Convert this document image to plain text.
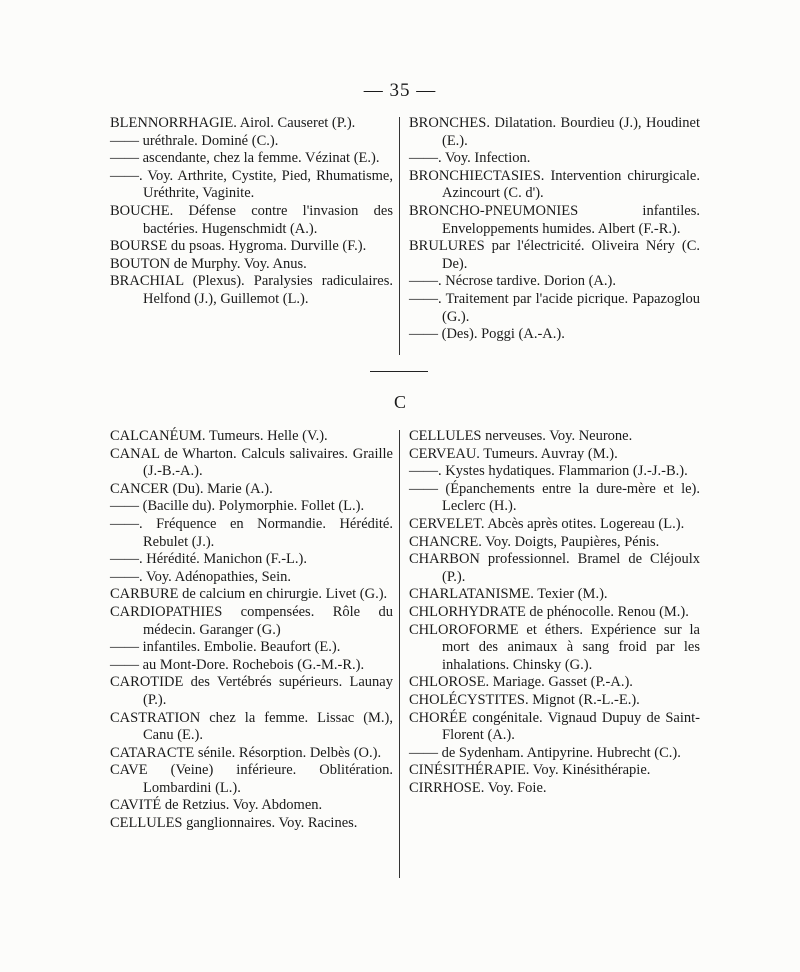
— 35 —
BLENNORRHAGIE. Airol. Causeret (P.).
—— uréthrale. Dominé (C.).
—— ascendante, chez la femme. Vézinat (E.).
——. Voy. Arthrite, Cystite, Pied, Rhumatisme, Uréthrite, Vaginite.
BOUCHE. Défense contre l'invasion des bactéries. Hugenschmidt (A.).
BOURSE du psoas. Hygroma. Durville (F.).
BOUTON de Murphy. Voy. Anus.
BRACHIAL (Plexus). Paralysies radiculaires. Helfond (J.), Guillemot (L.).
BRONCHES. Dilatation. Bourdieu (J.), Houdinet (E.).
——. Voy. Infection.
BRONCHIECTASIES. Intervention chirurgicale. Azincourt (C. d').
BRONCHO-PNEUMONIES infantiles. Enveloppements humides. Albert (F.-R.).
BRULURES par l'électricité. Oliveira Néry (C. De).
——. Nécrose tardive. Dorion (A.).
——. Traitement par l'acide picrique. Papazoglou (G.).
—— (Des). Poggi (A.-A.).
C
CALCANÉUM. Tumeurs. Helle (V.).
CANAL de Wharton. Calculs salivaires. Graille (J.-B.-A.).
CANCER (Du). Marie (A.).
—— (Bacille du). Polymorphie. Follet (L.).
——. Fréquence en Normandie. Hérédité. Rebulet (J.).
——. Hérédité. Manichon (F.-L.).
——. Voy. Adénopathies, Sein.
CARBURE de calcium en chirurgie. Livet (G.).
CARDIOPATHIES compensées. Rôle du médecin. Garanger (G.)
—— infantiles. Embolie. Beaufort (E.).
—— au Mont-Dore. Rochebois (G.-M.-R.).
CAROTIDE des Vertébrés supérieurs. Launay (P.).
CASTRATION chez la femme. Lissac (M.), Canu (E.).
CATARACTE sénile. Résorption. Delbès (O.).
CAVE (Veine) inférieure. Oblitération. Lombardini (L.).
CAVITÉ de Retzius. Voy. Abdomen.
CELLULES ganglionnaires. Voy. Racines.
CELLULES nerveuses. Voy. Neurone.
CERVEAU. Tumeurs. Auvray (M.).
——. Kystes hydatiques. Flammarion (J.-J.-B.).
—— (Épanchements entre la dure-mère et le). Leclerc (H.).
CERVELET. Abcès après otites. Logereau (L.).
CHANCRE. Voy. Doigts, Paupières, Pénis.
CHARBON professionnel. Bramel de Cléjoulx (P.).
CHARLATANISME. Texier (M.).
CHLORHYDRATE de phénocolle. Renou (M.).
CHLOROFORME et éthers. Expérience sur la mort des animaux à sang froid par les inhalations. Chinsky (G.).
CHLOROSE. Mariage. Gasset (P.-A.).
CHOLÉCYSTITES. Mignot (R.-L.-E.).
CHORÉE congénitale. Vignaud Dupuy de Saint-Florent (A.).
—— de Sydenham. Antipyrine. Hubrecht (C.).
CINÉSITHÉRAPIE. Voy. Kinésithérapie.
CIRRHOSE. Voy. Foie.
